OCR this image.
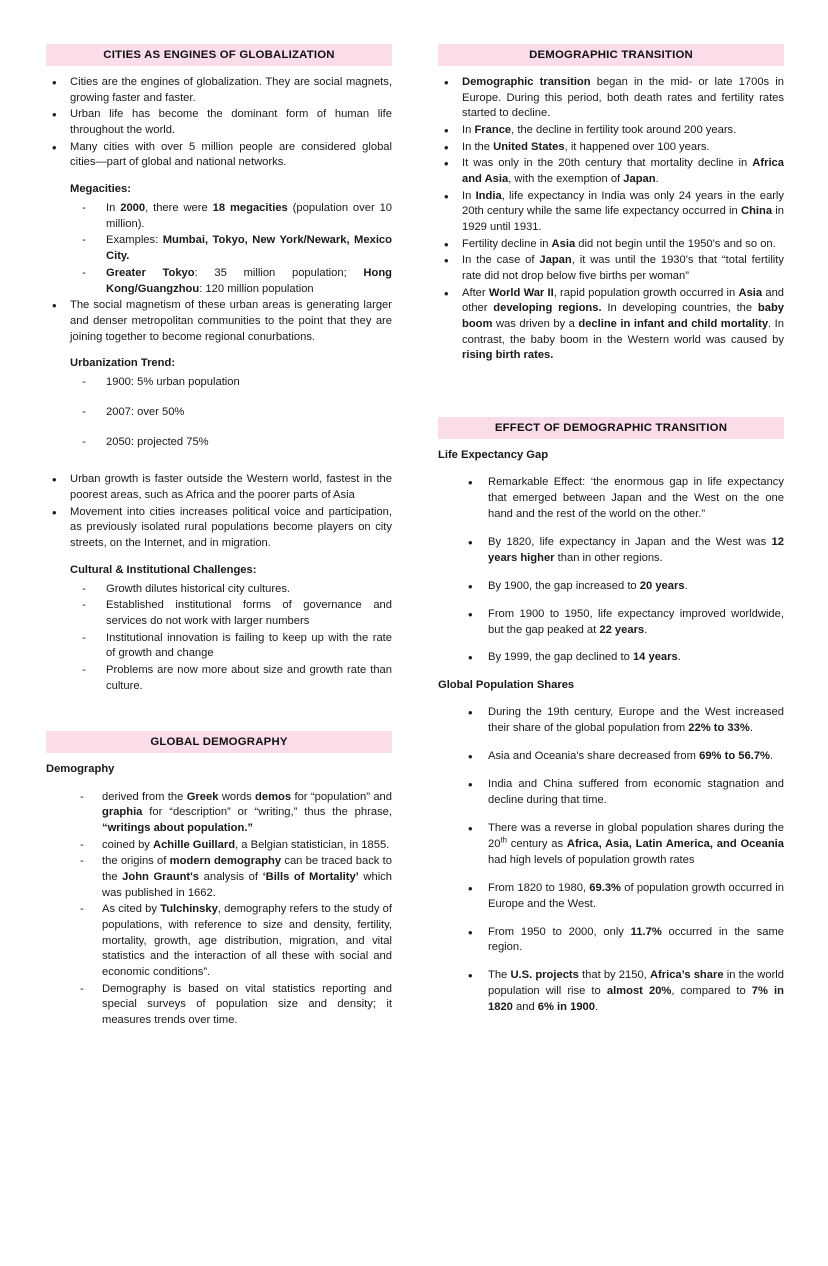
CITIES AS ENGINES OF GLOBALIZATION
• Cities are the engines of globalization. They are social magnets, growing faster and faster.
• Urban life has become the dominant form of human life throughout the world.
• Many cities with over 5 million people are considered global cities—part of global and national networks.
Megacities:
- In 2000, there were 18 megacities (population over 10 million).
- Examples: Mumbai, Tokyo, New York/Newark, Mexico City.
- Greater Tokyo: 35 million population; Hong Kong/Guangzhou: 120 million population
• The social magnetism of these urban areas is generating larger and denser metropolitan communities to the point that they are joining together to become regional conurbations.
Urbanization Trend:
- 1900: 5% urban population
- 2007: over 50%
- 2050: projected 75%
• Urban growth is faster outside the Western world, fastest in the poorest areas, such as Africa and the poorer parts of Asia
• Movement into cities increases political voice and participation, as previously isolated rural populations become players on city streets, on the Internet, and in migration.
Cultural & Institutional Challenges:
- Growth dilutes historical city cultures.
- Established institutional forms of governance and services do not work with larger numbers
- Institutional innovation is failing to keep up with the rate of growth and change
- Problems are now more about size and growth rate than culture.
GLOBAL DEMOGRAPHY
Demography
- derived from the Greek words demos for “population” and graphia for “description” or “writing,” thus the phrase, “writings about population.”
- coined by Achille Guillard, a Belgian statistician, in 1855.
- the origins of modern demography can be traced back to the John Graunt's analysis of ‘Bills of Mortality’ which was published in 1662.
- As cited by Tulchinsky, demography refers to the study of populations, with reference to size and density, fertility, mortality, growth, age distribution, migration, and vital statistics and the interaction of all these with social and economic conditions”.
- Demography is based on vital statistics reporting and special surveys of population size and density; it measures trends over time.
DEMOGRAPHIC TRANSITION
• Demographic transition began in the mid- or late 1700s in Europe. During this period, both death rates and fertility rates started to decline.
• In France, the decline in fertility took around 200 years.
• In the United States, it happened over 100 years.
• It was only in the 20th century that mortality decline in Africa and Asia, with the exemption of Japan.
• In India, life expectancy in India was only 24 years in the early 20th century while the same life expectancy occurred in China in 1929 until 1931.
• Fertility decline in Asia did not begin until the 1950's and so on.
• In the case of Japan, it was until the 1930's that “total fertility rate did not drop below five births per woman”
• After World War II, rapid population growth occurred in Asia and other developing regions. In developing countries, the baby boom was driven by a decline in infant and child mortality. In contrast, the baby boom in the Western world was caused by rising birth rates.
EFFECT OF DEMOGRAPHIC TRANSITION
Life Expectancy Gap
• Remarkable Effect: ‘the enormous gap in life expectancy that emerged between Japan and the West on the one hand and the rest of the world on the other.”
• By 1820, life expectancy in Japan and the West was 12 years higher than in other regions.
• By 1900, the gap increased to 20 years.
• From 1900 to 1950, life expectancy improved worldwide, but the gap peaked at 22 years.
• By 1999, the gap declined to 14 years.
Global Population Shares
• During the 19th century, Europe and the West increased their share of the global population from 22% to 33%.
• Asia and Oceania's share decreased from 69% to 56.7%.
• India and China suffered from economic stagnation and decline during that time.
• There was a reverse in global population shares during the 20th century as Africa, Asia, Latin America, and Oceania had high levels of population growth rates
• From 1820 to 1980, 69.3% of population growth occurred in Europe and the West.
• From 1950 to 2000, only 11.7% occurred in the same region.
• The U.S. projects that by 2150, Africa’s share in the world population will rise to almost 20%, compared to 7% in 1820 and 6% in 1900.
